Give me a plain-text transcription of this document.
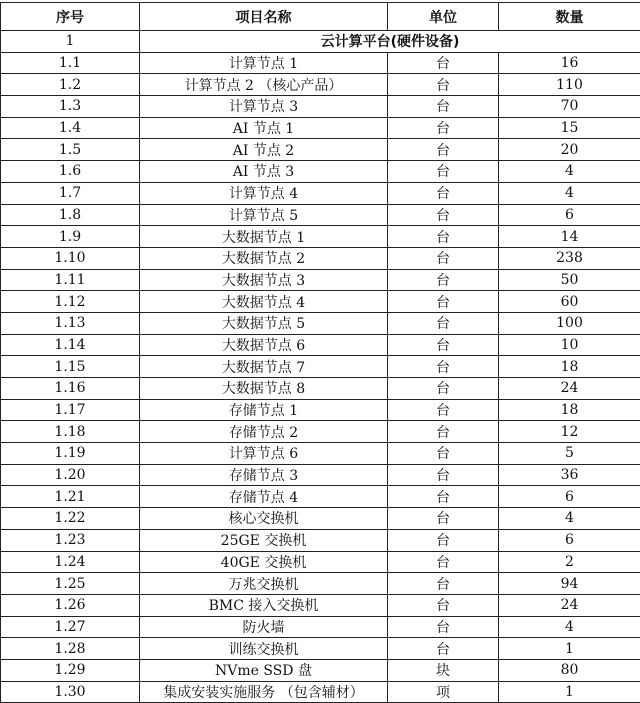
序号	项目名称	单位	数量
1	云计算平台(硬件设备)		
1.1	计算节点 1	台	16
1.2	计算节点 2 （核心产品）	台	110
1.3	计算节点 3	台	70
1.4	AI 节点 1	台	15
1.5	AI 节点 2	台	20
1.6	AI 节点 3	台	4
1.7	计算节点 4	台	4
1.8	计算节点 5	台	6
1.9	大数据节点 1	台	14
1.10	大数据节点 2	台	238
1.11	大数据节点 3	台	50
1.12	大数据节点 4	台	60
1.13	大数据节点 5	台	100
1.14	大数据节点 6	台	10
1.15	大数据节点 7	台	18
1.16	大数据节点 8	台	24
1.17	存储节点 1	台	18
1.18	存储节点 2	台	12
1.19	计算节点 6	台	5
1.20	存储节点 3	台	36
1.21	存储节点 4	台	6
1.22	核心交换机	台	4
1.23	25GE 交换机	台	6
1.24	40GE 交换机	台	2
1.25	万兆交换机	台	94
1.26	BMC 接入交换机	台	24
1.27	防火墙	台	4
1.28	训练交换机	台	1
1.29	NVme SSD 盘	块	80
1.30	集成安装实施服务 （包含辅材）	项	1
